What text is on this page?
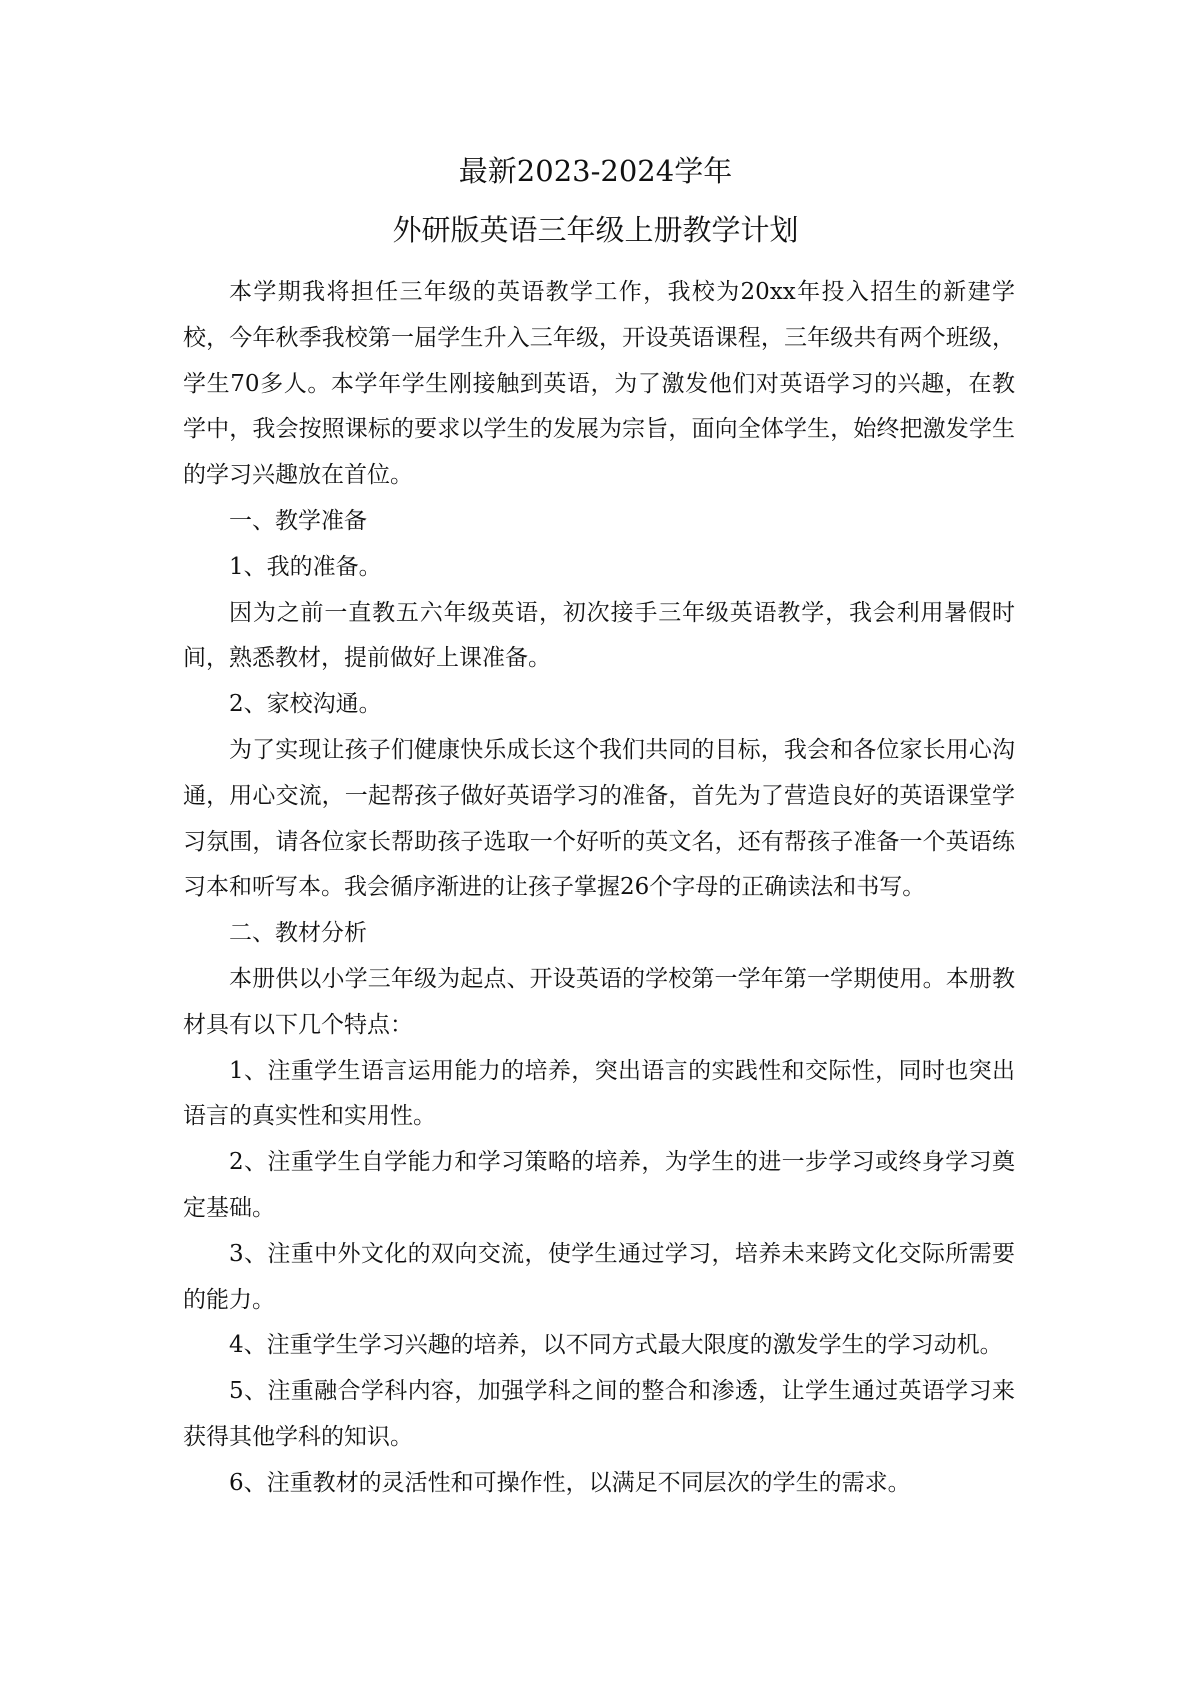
最新2023-2024学年
外研版英语三年级上册教学计划

本学期我将担任三年级的英语教学工作，我校为20xx年投入招生的新建学校，今年秋季我校第一届学生升入三年级，开设英语课程，三年级共有两个班级，学生70多人。本学年学生刚接触到英语，为了激发他们对英语学习的兴趣，在教学中，我会按照课标的要求以学生的发展为宗旨，面向全体学生，始终把激发学生的学习兴趣放在首位。

一、教学准备

1、我的准备。

因为之前一直教五六年级英语，初次接手三年级英语教学，我会利用暑假时间，熟悉教材，提前做好上课准备。

2、家校沟通。

为了实现让孩子们健康快乐成长这个我们共同的目标，我会和各位家长用心沟通，用心交流，一起帮孩子做好英语学习的准备，首先为了营造良好的英语课堂学习氛围，请各位家长帮助孩子选取一个好听的英文名，还有帮孩子准备一个英语练习本和听写本。我会循序渐进的让孩子掌握26个字母的正确读法和书写。

二、教材分析

本册供以小学三年级为起点、开设英语的学校第一学年第一学期使用。本册教材具有以下几个特点：

1、注重学生语言运用能力的培养，突出语言的实践性和交际性，同时也突出语言的真实性和实用性。

2、注重学生自学能力和学习策略的培养，为学生的进一步学习或终身学习奠定基础。

3、注重中外文化的双向交流，使学生通过学习，培养未来跨文化交际所需要的能力。

4、注重学生学习兴趣的培养，以不同方式最大限度的激发学生的学习动机。

5、注重融合学科内容，加强学科之间的整合和渗透，让学生通过英语学习来获得其他学科的知识。

6、注重教材的灵活性和可操作性，以满足不同层次的学生的需求。
